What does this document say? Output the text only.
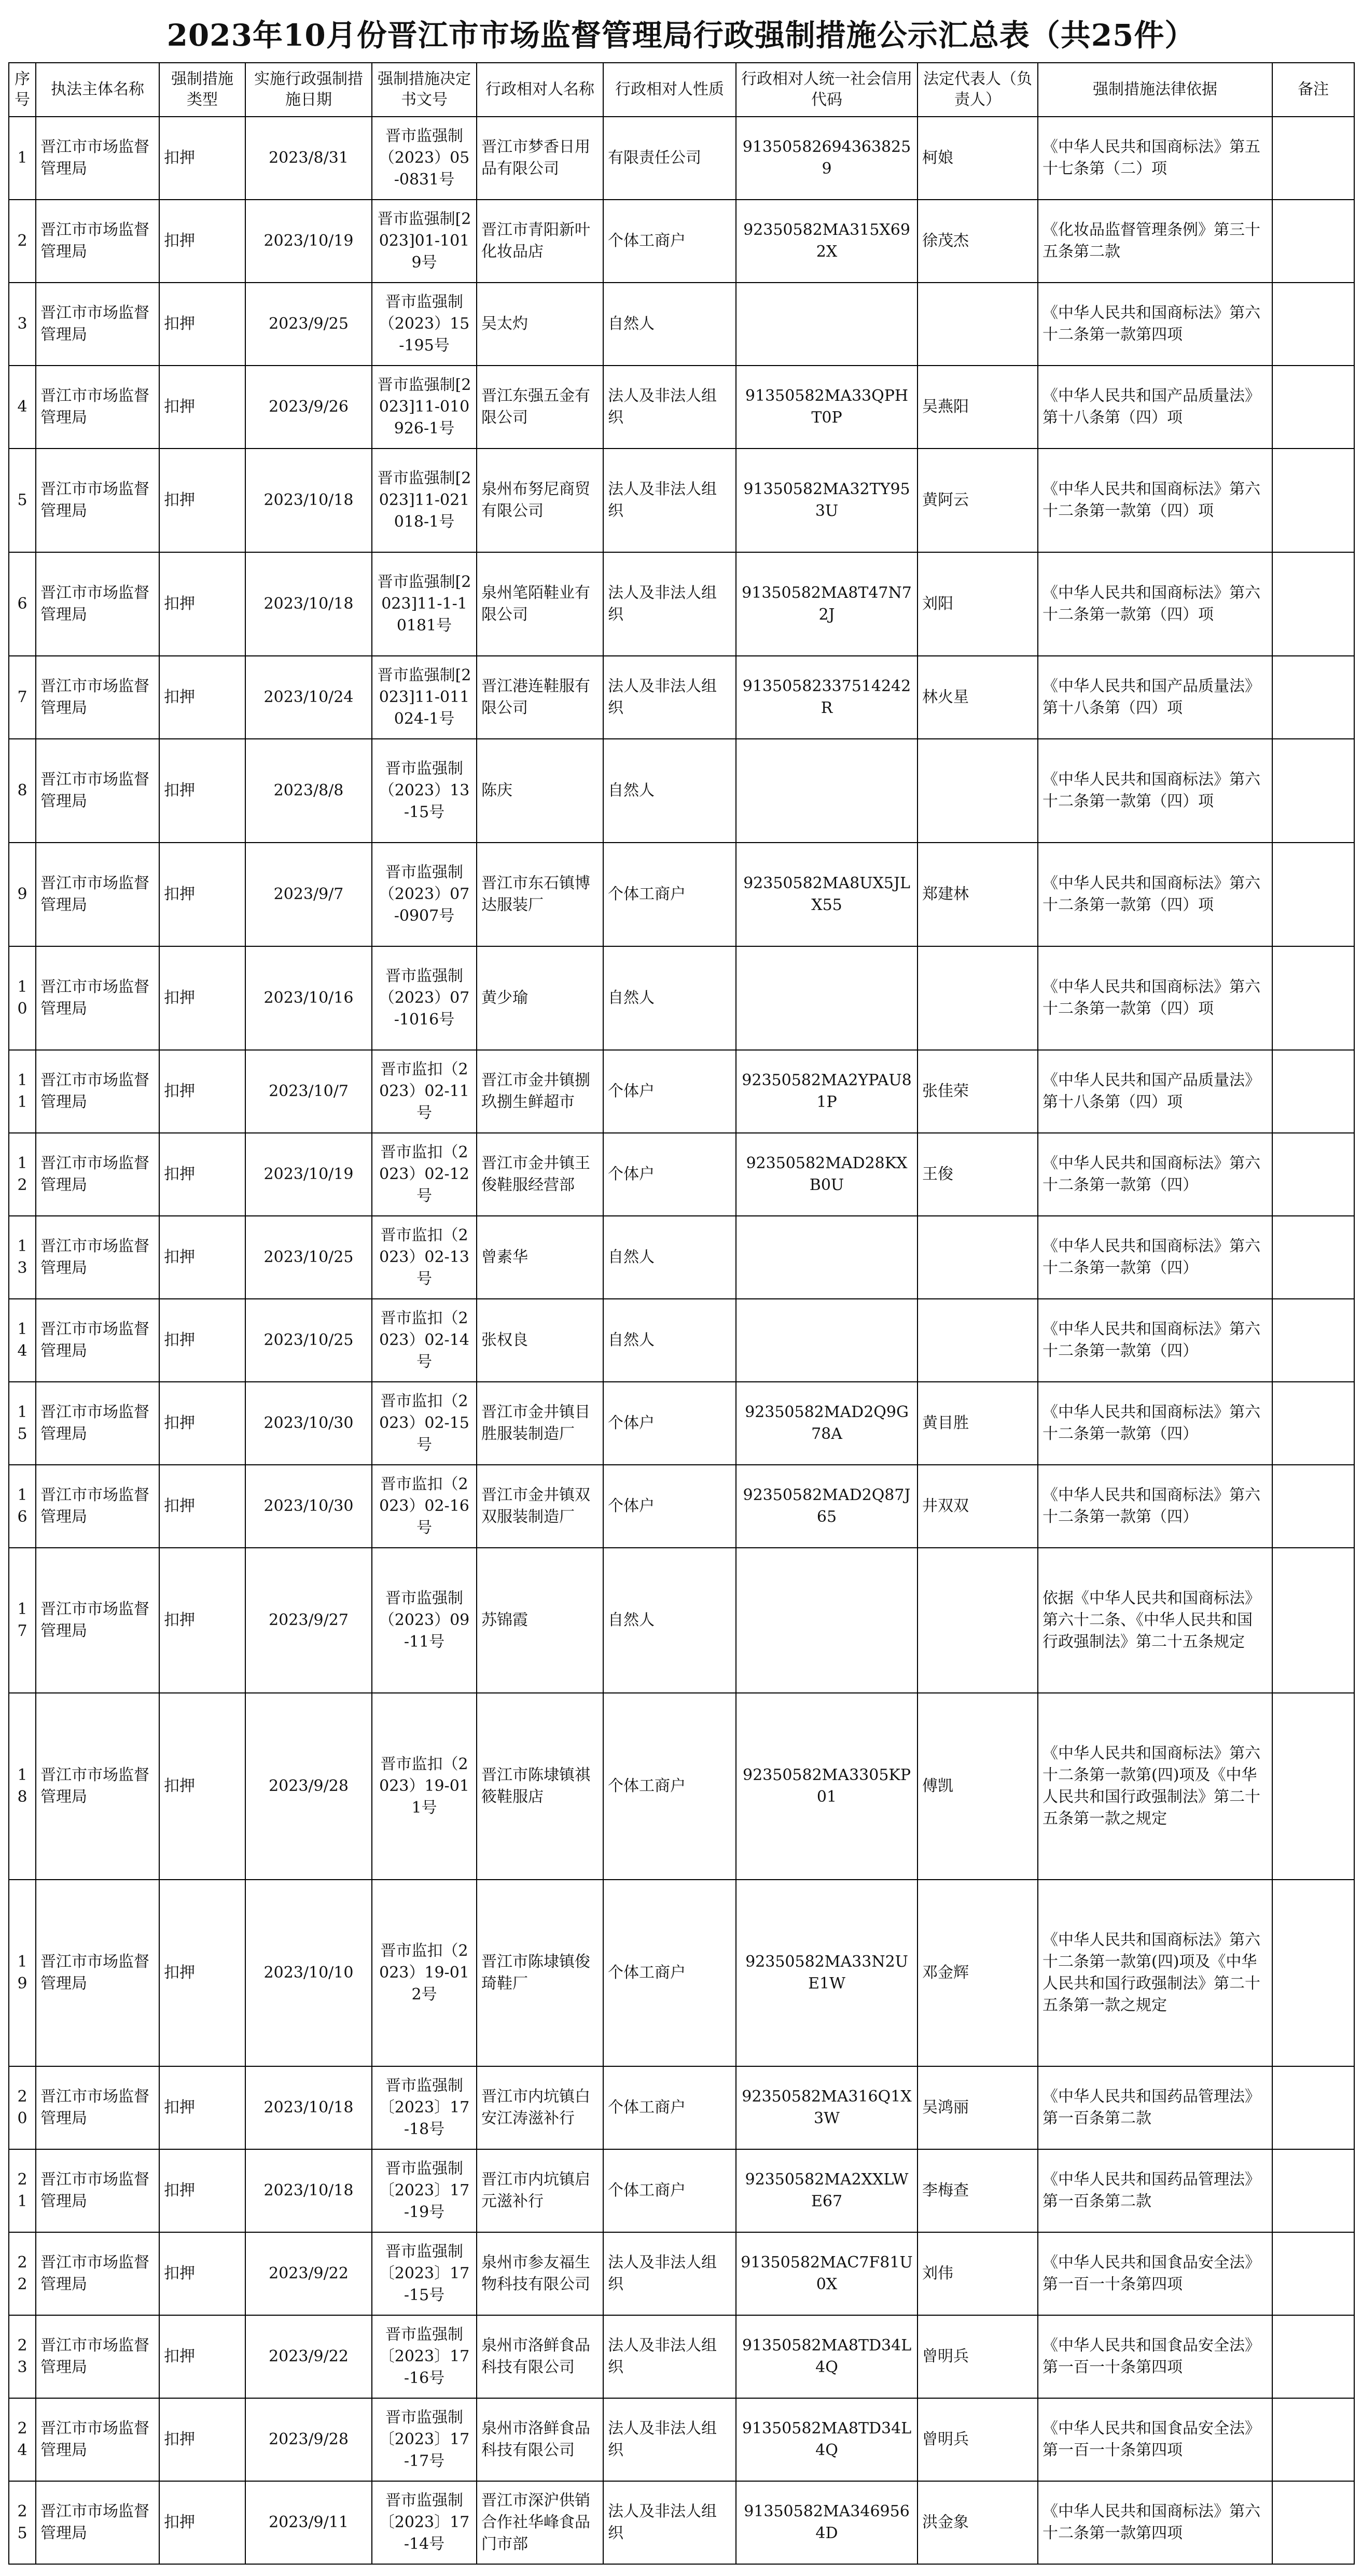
2023年10月份晋江市市场监督管理局行政强制措施公示汇总表（共25件）
序号	执法主体名称	强制措施类型	实施行政强制措施日期	强制措施决定书文号	行政相对人名称	行政相对人性质	行政相对人统一社会信用代码	法定代表人（负责人）	强制措施法律依据	备注
1	晋江市市场监督管理局	扣押	2023/8/31	晋市监强制（2023）05-0831号	晋江市梦香日用品有限公司	有限责任公司	913505826943638259	柯娘	《中华人民共和国商标法》第五十七条第（二）项	
2	晋江市市场监督管理局	扣押	2023/10/19	晋市监强制[2023]01-1019号	晋江市青阳新叶化妆品店	个体工商户	92350582MA315X692X	徐茂杰	《化妆品监督管理条例》第三十五条第二款	
3	晋江市市场监督管理局	扣押	2023/9/25	晋市监强制（2023）15-195号	吴太灼	自然人			《中华人民共和国商标法》第六十二条第一款第四项	
4	晋江市市场监督管理局	扣押	2023/9/26	晋市监强制[2023]11-010926-1号	晋江东强五金有限公司	法人及非法人组织	91350582MA33QPHT0P	吴燕阳	《中华人民共和国产品质量法》第十八条第（四）项	
5	晋江市市场监督管理局	扣押	2023/10/18	晋市监强制[2023]11-021018-1号	泉州布努尼商贸有限公司	法人及非法人组织	91350582MA32TY953U	黄阿云	《中华人民共和国商标法》第六十二条第一款第（四）项	
6	晋江市市场监督管理局	扣押	2023/10/18	晋市监强制[2023]11-1-10181号	泉州笔陌鞋业有限公司	法人及非法人组织	91350582MA8T47N72J	刘阳	《中华人民共和国商标法》第六十二条第一款第（四）项	
7	晋江市市场监督管理局	扣押	2023/10/24	晋市监强制[2023]11-011024-1号	晋江港连鞋服有限公司	法人及非法人组织	91350582337514242R	林火星	《中华人民共和国产品质量法》第十八条第（四）项	
8	晋江市市场监督管理局	扣押	2023/8/8	晋市监强制（2023）13-15号	陈庆	自然人			《中华人民共和国商标法》第六十二条第一款第（四）项	
9	晋江市市场监督管理局	扣押	2023/9/7	晋市监强制（2023）07-0907号	晋江市东石镇博达服装厂	个体工商户	92350582MA8UX5JLX55	郑建林	《中华人民共和国商标法》第六十二条第一款第（四）项	
10	晋江市市场监督管理局	扣押	2023/10/16	晋市监强制（2023）07-1016号	黄少瑜	自然人			《中华人民共和国商标法》第六十二条第一款第（四）项	
11	晋江市市场监督管理局	扣押	2023/10/7	晋市监扣（2023）02-11号	晋江市金井镇捌玖捌生鲜超市	个体户	92350582MA2YPAU81P	张佳荣	《中华人民共和国产品质量法》第十八条第（四）项	
12	晋江市市场监督管理局	扣押	2023/10/19	晋市监扣（2023）02-12号	晋江市金井镇王俊鞋服经营部	个体户	92350582MAD28KXB0U	王俊	《中华人民共和国商标法》第六十二条第一款第（四）	
13	晋江市市场监督管理局	扣押	2023/10/25	晋市监扣（2023）02-13号	曾素华	自然人			《中华人民共和国商标法》第六十二条第一款第（四）	
14	晋江市市场监督管理局	扣押	2023/10/25	晋市监扣（2023）02-14号	张权良	自然人			《中华人民共和国商标法》第六十二条第一款第（四）	
15	晋江市市场监督管理局	扣押	2023/10/30	晋市监扣（2023）02-15号	晋江市金井镇目胜服装制造厂	个体户	92350582MAD2Q9G78A	黄目胜	《中华人民共和国商标法》第六十二条第一款第（四）	
16	晋江市市场监督管理局	扣押	2023/10/30	晋市监扣（2023）02-16号	晋江市金井镇双双服装制造厂	个体户	92350582MAD2Q87J65	井双双	《中华人民共和国商标法》第六十二条第一款第（四）	
17	晋江市市场监督管理局	扣押	2023/9/27	晋市监强制（2023）09-11号	苏锦霞	自然人			依据《中华人民共和国商标法》第六十二条、《中华人民共和国行政强制法》第二十五条规定	
18	晋江市市场监督管理局	扣押	2023/9/28	晋市监扣（2023）19-011号	晋江市陈埭镇祺筱鞋服店	个体工商户	92350582MA3305KP01	傅凯	《中华人民共和国商标法》第六十二条第一款第(四)项及《中华人民共和国行政强制法》第二十五条第一款之规定	
19	晋江市市场监督管理局	扣押	2023/10/10	晋市监扣（2023）19-012号	晋江市陈埭镇俊琦鞋厂	个体工商户	92350582MA33N2UE1W	邓金辉	《中华人民共和国商标法》第六十二条第一款第(四)项及《中华人民共和国行政强制法》第二十五条第一款之规定	
20	晋江市市场监督管理局	扣押	2023/10/18	晋市监强制〔2023〕17-18号	晋江市内坑镇白安江涛滋补行	个体工商户	92350582MA316Q1X3W	吴鸿丽	《中华人民共和国药品管理法》第一百条第二款	
21	晋江市市场监督管理局	扣押	2023/10/18	晋市监强制〔2023〕17-19号	晋江市内坑镇启元滋补行	个体工商户	92350582MA2XXLWE67	李梅查	《中华人民共和国药品管理法》第一百条第二款	
22	晋江市市场监督管理局	扣押	2023/9/22	晋市监强制〔2023〕17-15号	泉州市参友福生物科技有限公司	法人及非法人组织	91350582MAC7F81U0X	刘伟	《中华人民共和国食品安全法》第一百一十条第四项	
23	晋江市市场监督管理局	扣押	2023/9/22	晋市监强制〔2023〕17-16号	泉州市洛鲜食品科技有限公司	法人及非法人组织	91350582MA8TD34L4Q	曾明兵	《中华人民共和国食品安全法》第一百一十条第四项	
24	晋江市市场监督管理局	扣押	2023/9/28	晋市监强制〔2023〕17-17号	泉州市洛鲜食品科技有限公司	法人及非法人组织	91350582MA8TD34L4Q	曾明兵	《中华人民共和国食品安全法》第一百一十条第四项	
25	晋江市市场监督管理局	扣押	2023/9/11	晋市监强制〔2023〕17-14号	晋江市深沪供销合作社华峰食品门市部	法人及非法人组织	91350582MA3469564D	洪金象	《中华人民共和国商标法》第六十二条第一款第四项	
